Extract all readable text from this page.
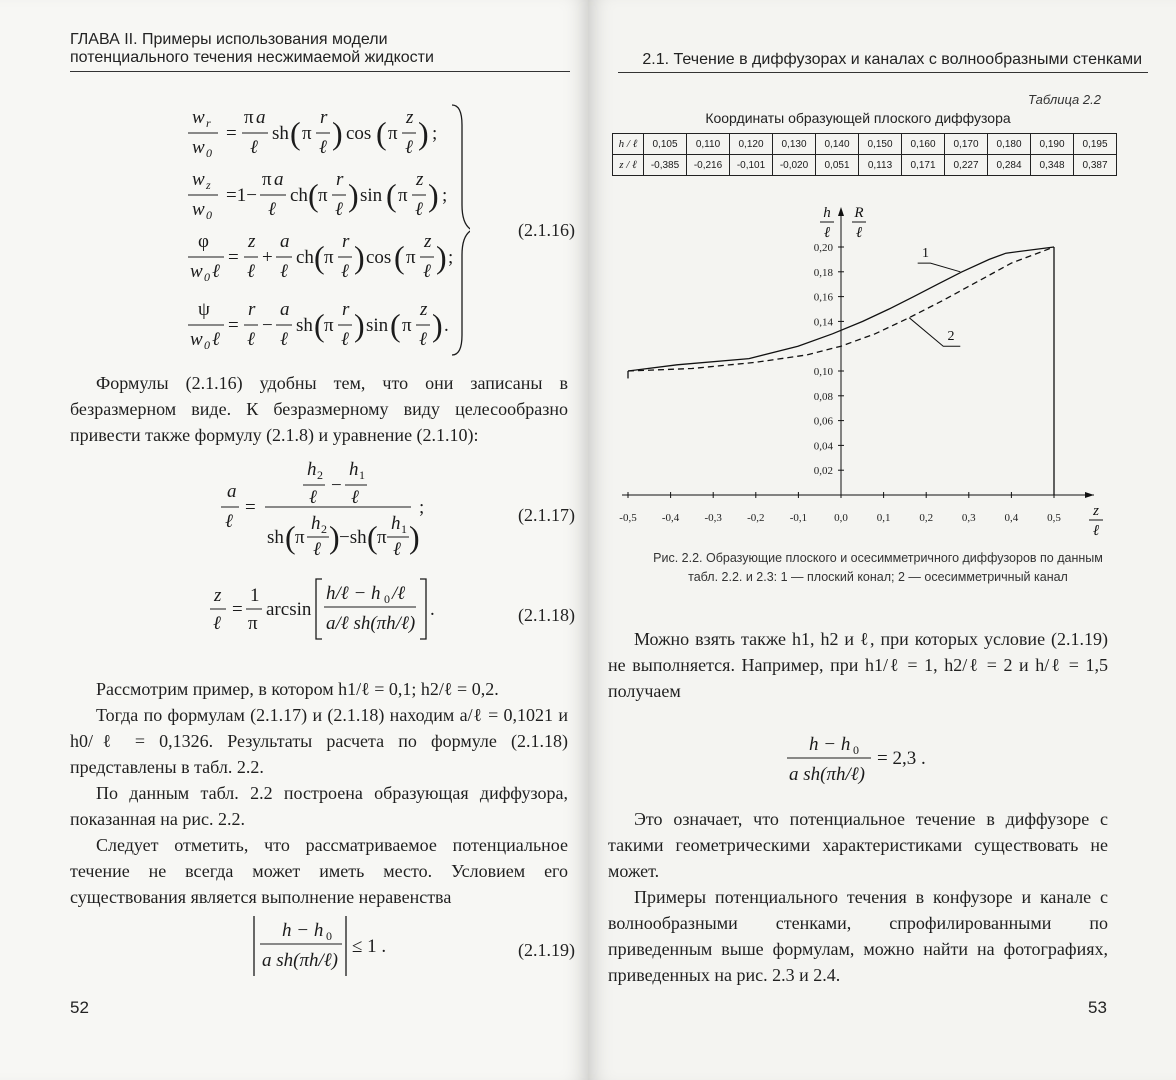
ГЛАВА II. Примеры использования модели
потенциального течения несжимаемой жидкости
w r
w 0
=
π a
ℓ
sh ( π
r
ℓ ) cos ( π
z
ℓ ) ;
w z
w 0
=1−
π a
ℓ
ch ( π
r
ℓ ) sin ( π
z
ℓ ) ;
φ
w 0 ℓ
=
z
ℓ
+
a
ℓ
ch ( π
r
ℓ ) cos ( π
z
ℓ ) ;
ψ
w 0 ℓ
=
r
ℓ
−
a
ℓ
sh ( π
r
ℓ ) sin ( π
z
ℓ ) .
(2.1.16)
Формулы (2.1.16) удобны тем, что они записаны в безразмерном виде. К безразмерному виду целесообразно привести также формулу (2.1.8) и уравнение (2.1.10):
a
ℓ
=
h 2
ℓ
−
h 1
ℓ
sh ( π
h 2
ℓ ) −sh ( π
h 1
ℓ )
;	(2.1.17)
z
ℓ
=
1
π
arcsin
h/ℓ − h 0 /ℓ
a/ℓ sh(πh/ℓ)
.	(2.1.18)
Рассмотрим пример, в котором h1/ℓ = 0,1; h2/ℓ = 0,2.
Тогда по формулам (2.1.17) и (2.1.18) находим a/ℓ = 0,1021 и h0/ℓ = 0,1326. Результаты расчета по формуле (2.1.18) представлены в табл. 2.2.
По данным табл. 2.2 построена образующая диффузора, показанная на рис. 2.2.
Следует отметить, что рассматриваемое потенциальное течение не всегда может иметь место. Условием его существования является выполнение неравенства
h − h 0
a sh(πh/ℓ)
≤ 1 .	(2.1.19)
52
2.1. Течение в диффузорах и каналах с волнообразными стенками
Таблица 2.2
Координаты образующей плоского диффузора
h / ℓ	0,105	0,110	0,120	0,130	0,140	0,150	0,160	0,170	0,180	0,190	0,195
z / ℓ	-0,385	-0,216	-0,101	-0,020	0,051	0,113	0,171	0,227	0,284	0,348	0,387
-0,5 -0,4 -0,3 -0,2 -0,1 0,0	0,1	0,2	0,3	0,4	0,5
0,02
0,04
0,06
0,08
0,10
0,14
0,16
0,18
0,20
h
ℓ
R
ℓ
z
ℓ
1
2
Рис. 2.2. Образующие плоского и осесимметричного диффузоров по данным
табл. 2.2. и 2.3: 1 — плоский конал; 2 — осесимметричный канал
Можно взять также h1, h2 и ℓ, при которых условие (2.1.19) не выполняется. Например, при h1/ℓ = 1, h2/ℓ = 2 и h/ℓ = 1,5 получаем
h − h 0
a sh(πh/ℓ)
= 2,3 .
Это означает, что потенциальное течение в диффузоре с такими геометрическими характеристиками существовать не может.
Примеры потенциального течения в конфузоре и канале с волнообразными стенками, спрофилированными по приведенным выше формулам, можно найти на фотографиях, приведенных на рис. 2.3 и 2.4.
53
